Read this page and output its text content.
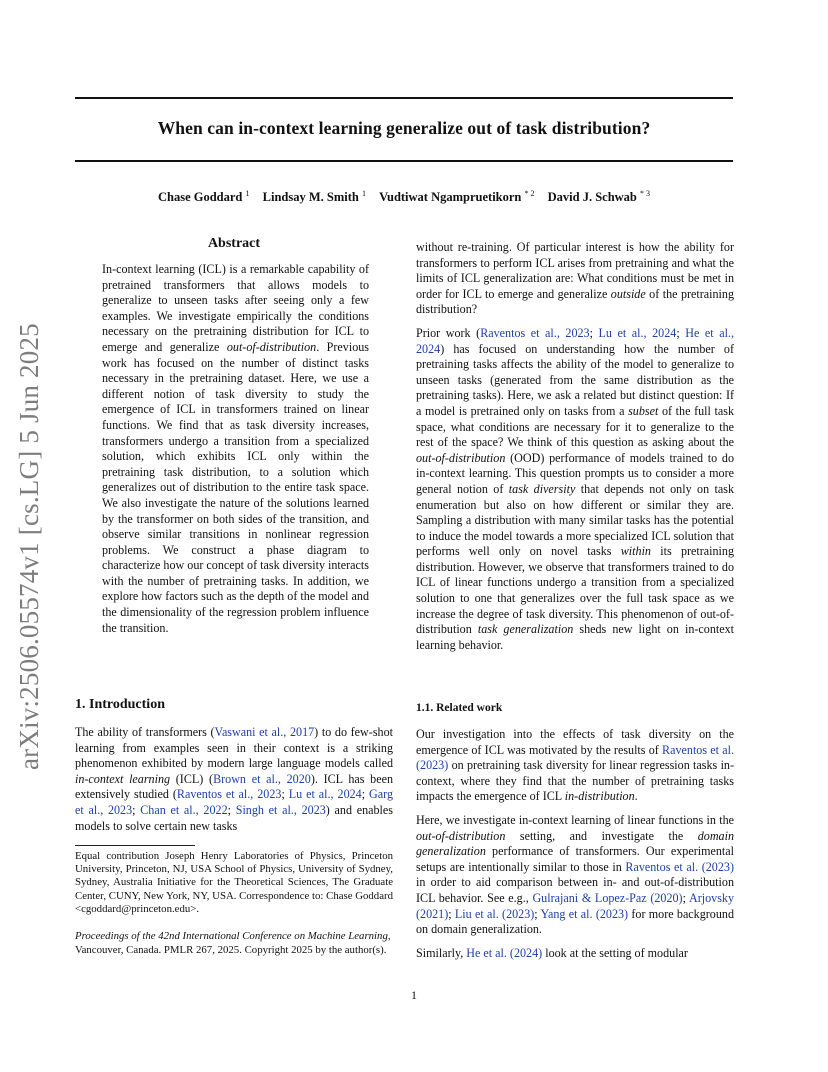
When can in-context learning generalize out of task distribution?
Chase Goddard $^1$ Lindsay M. Smith $^1$ Vudtiwat Ngampruetikorn $^{* 2}$ David J. Schwab $^{* 3}$
arXiv:2506.05574v1 [cs.LG] 5 Jun 2025
Abstract
In-context learning (ICL) is a remarkable capability of pretrained transformers that allows models to generalize to unseen tasks after seeing only a few examples. We investigate empirically the conditions necessary on the pretraining distribution for ICL to emerge and generalize out-of-distribution. Previous work has focused on the number of distinct tasks necessary in the pretraining dataset. Here, we use a different notion of task diversity to study the emergence of ICL in transformers trained on linear functions. We find that as task diversity increases, transformers undergo a transition from a specialized solution, which exhibits ICL only within the pretraining task distribution, to a solution which generalizes out of distribution to the entire task space. We also investigate the nature of the solutions learned by the transformer on both sides of the transition, and observe similar transitions in nonlinear regression problems. We construct a phase diagram to characterize how our concept of task diversity interacts with the number of pretraining tasks. In addition, we explore how factors such as the depth of the model and the dimensionality of the regression problem influence the transition.
1. Introduction
The ability of transformers (Vaswani et al., 2017) to do few-shot learning from examples seen in their context is a striking phenomenon exhibited by modern large language models called in-context learning (ICL) (Brown et al., 2020). ICL has been extensively studied (Raventos et al., 2023; Lu et al., 2024; Garg et al., 2023; Chan et al., 2022; Singh et al., 2023) and enables models to solve certain new tasks
Equal contribution Joseph Henry Laboratories of Physics, Princeton University, Princeton, NJ, USA School of Physics, University of Sydney, Sydney, Australia Initiative for the Theoretical Sciences, The Graduate Center, CUNY, New York, NY, USA. Correspondence to: Chase Goddard <cgoddard@princeton.edu>.
Proceedings of the 42nd International Conference on Machine Learning, Vancouver, Canada. PMLR 267, 2025. Copyright 2025 by the author(s).

without re-training. Of particular interest is how the ability for transformers to perform ICL arises from pretraining and what the limits of ICL generalization are: What conditions must be met in order for ICL to emerge and generalize outside of the pretraining distribution?

Prior work (Raventos et al., 2023; Lu et al., 2024; He et al., 2024) has focused on understanding how the number of pretraining tasks affects the ability of the model to generalize to unseen tasks (generated from the same distribution as the pretraining tasks). Here, we ask a related but distinct question: If a model is pretrained only on tasks from a subset of the full task space, what conditions are necessary for it to generalize to the rest of the space? We think of this question as asking about the out-of-distribution (OOD) performance of models trained to do in-context learning. This question prompts us to consider a more general notion of task diversity that depends not only on task enumeration but also on how different or similar they are. Sampling a distribution with many similar tasks has the potential to induce the model towards a more specialized ICL solution that performs well only on novel tasks within its pretraining distribution. However, we observe that transformers trained to do ICL of linear functions undergo a transition from a specialized solution to one that generalizes over the full task space as we increase the degree of task diversity. This phenomenon of out-of-distribution task generalization sheds new light on in-context learning behavior.

1.1. Related work

Our investigation into the effects of task diversity on the emergence of ICL was motivated by the results of Raventos et al. (2023) on pretraining task diversity for linear regression tasks in-context, where they find that the number of pretraining tasks impacts the emergence of ICL in-distribution.

Here, we investigate in-context learning of linear functions in the out-of-distribution setting, and investigate the domain generalization performance of transformers. Our experimental setups are intentionally similar to those in Raventos et al. (2023) in order to aid comparison between in- and out-of-distribution ICL behavior. See e.g., Gulrajani & Lopez-Paz (2020); Arjovsky (2021); Liu et al. (2023); Yang et al. (2023) for more background on domain generalization.

Similarly, He et al. (2024) look at the setting of modular

1
